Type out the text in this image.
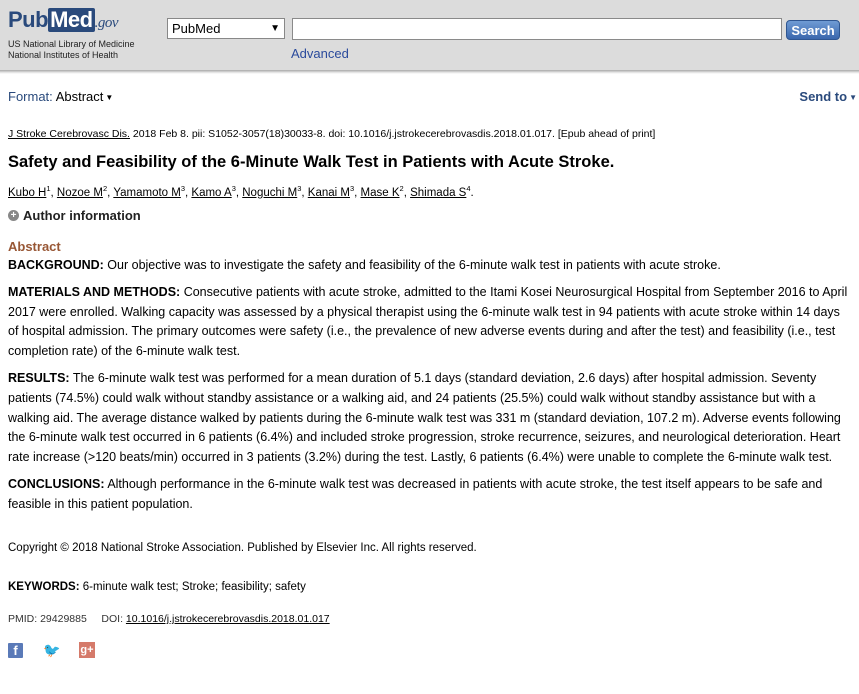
PubMed .gov
US National Library of Medicine
National Institutes of Health
PubMed	▼	Search
Advanced
Format: Abstract ▼	Send to ▼
J Stroke Cerebrovasc Dis. 2018 Feb 8. pii: S1052-3057(18)30033-8. doi: 10.1016/j.jstrokecerebrovasdis.2018.01.017. [Epub ahead of print]
Safety and Feasibility of the 6-Minute Walk Test in Patients with Acute Stroke.
Kubo $H^1$, Nozoe $M^2$, Yamamoto $M^3$, Kamo $A^3$, Noguchi $M^3$, Kanai $M^3$, Mase $K^2$, Shimada $S^4$.
+ Author information
Abstract

BACKGROUND: Our objective was to investigate the safety and feasibility of the 6-minute walk test in patients with acute stroke.

MATERIALS AND METHODS: Consecutive patients with acute stroke, admitted to the Itami Kosei Neurosurgical Hospital from September 2016 to April 2017 were enrolled. Walking capacity was assessed by a physical therapist using the 6-minute walk test in 94 patients with acute stroke within 14 days of hospital admission. The primary outcomes were safety (i.e., the prevalence of new adverse events during and after the test) and feasibility (i.e., test completion rate) of the 6-minute walk test.

RESULTS: The 6-minute walk test was performed for a mean duration of 5.1 days (standard deviation, 2.6 days) after hospital admission. Seventy patients (74.5%) could walk without standby assistance or a walking aid, and 24 patients (25.5%) could walk without standby assistance but with a walking aid. The average distance walked by patients during the 6-minute walk test was 331 m (standard deviation, 107.2 m). Adverse events following the 6-minute walk test occurred in 6 patients (6.4%) and included stroke progression, stroke recurrence, seizures, and neurological deterioration. Heart rate increase (>120 beats/min) occurred in 3 patients (3.2%) during the test. Lastly, 6 patients (6.4%) were unable to complete the 6-minute walk test.

CONCLUSIONS: Although performance in the 6-minute walk test was decreased in patients with acute stroke, the test itself appears to be safe and feasible in this patient population.

Copyright © 2018 National Stroke Association. Published by Elsevier Inc. All rights reserved.
KEYWORDS: 6-minute walk test; Stroke; feasibility; safety
PMID: 29429885 DOI: 10.1016/j.jstrokecerebrovasdis.2018.01.017
f	🐦 g+
